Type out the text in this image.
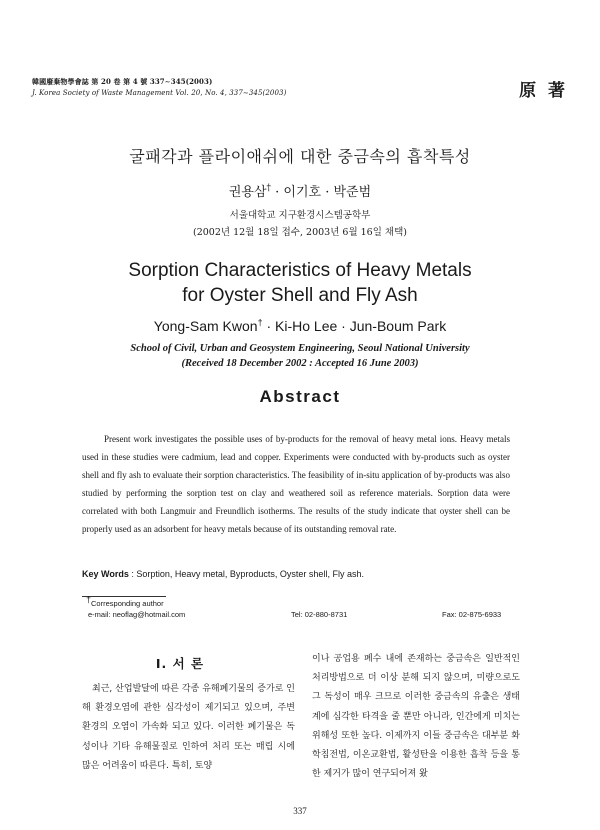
韓國廢棄物學會誌 第 20 卷 第 4 號 337∼345(2003)
J. Korea Society of Waste Management Vol. 20, No. 4, 337∼345(2003)	原 著
굴패각과 플라이애쉬에 대한 중금속의 흡착특성
권용삼† · 이기호 · 박준범
서울대학교 지구환경시스템공학부
(2002년 12월 18일 접수, 2003년 6월 16일 채택)
Sorption Characteristics of Heavy Metals
for Oyster Shell and Fly Ash
Yong-Sam Kwon† · Ki-Ho Lee · Jun-Boum Park
School of Civil, Urban and Geosystem Engineering, Seoul National University
(Received 18 December 2002 : Accepted 16 June 2003)
Abstract
Present work investigates the possible uses of by-products for the removal of heavy metal ions. Heavy metals used in these studies were cadmium, lead and copper. Experiments were conducted with by-products such as oyster shell and fly ash to evaluate their sorption characteristics. The feasibility of in-situ application of by-products was also studied by performing the sorption test on clay and weathered soil as reference materials. Sorption data were correlated with both Langmuir and Freundlich isotherms. The results of the study indicate that oyster shell can be properly used as an adsorbent for heavy metals because of its outstanding removal rate.
Key Words : Sorption, Heavy metal, Byproducts, Oyster shell, Fly ash.
†Corresponding author
e-mail: neoflag@hotmail.com	Tel: 02-880-8731	Fax: 02-875-6933
Ⅰ. 서 론
최근, 산업발달에 따른 각종 유해폐기물의 증가로 인해 환경오염에 관한 심각성이 제기되고 있으며, 주변 환경의 오염이 가속화 되고 있다. 이러한 폐기물은 독성이나 기타 유해물질로 인하여 처리 또는 매립 시에 많은 어려움이 따른다. 특히, 토양
이나 공업용 폐수 내에 존재하는 중금속은 일반적인 처리방법으로 더 이상 분해 되지 않으며, 미량으로도 그 독성이 매우 크므로 이러한 중금속의 유출은 생태계에 심각한 타격을 줄 뿐만 아니라, 인간에게 미치는 위해성 또한 높다. 이제까지 이들 중금속은 대부분 화학침전법, 이온교환법, 활성탄을 이용한 흡착 등을 통한 제거가 많이 연구되어져 왔
337
